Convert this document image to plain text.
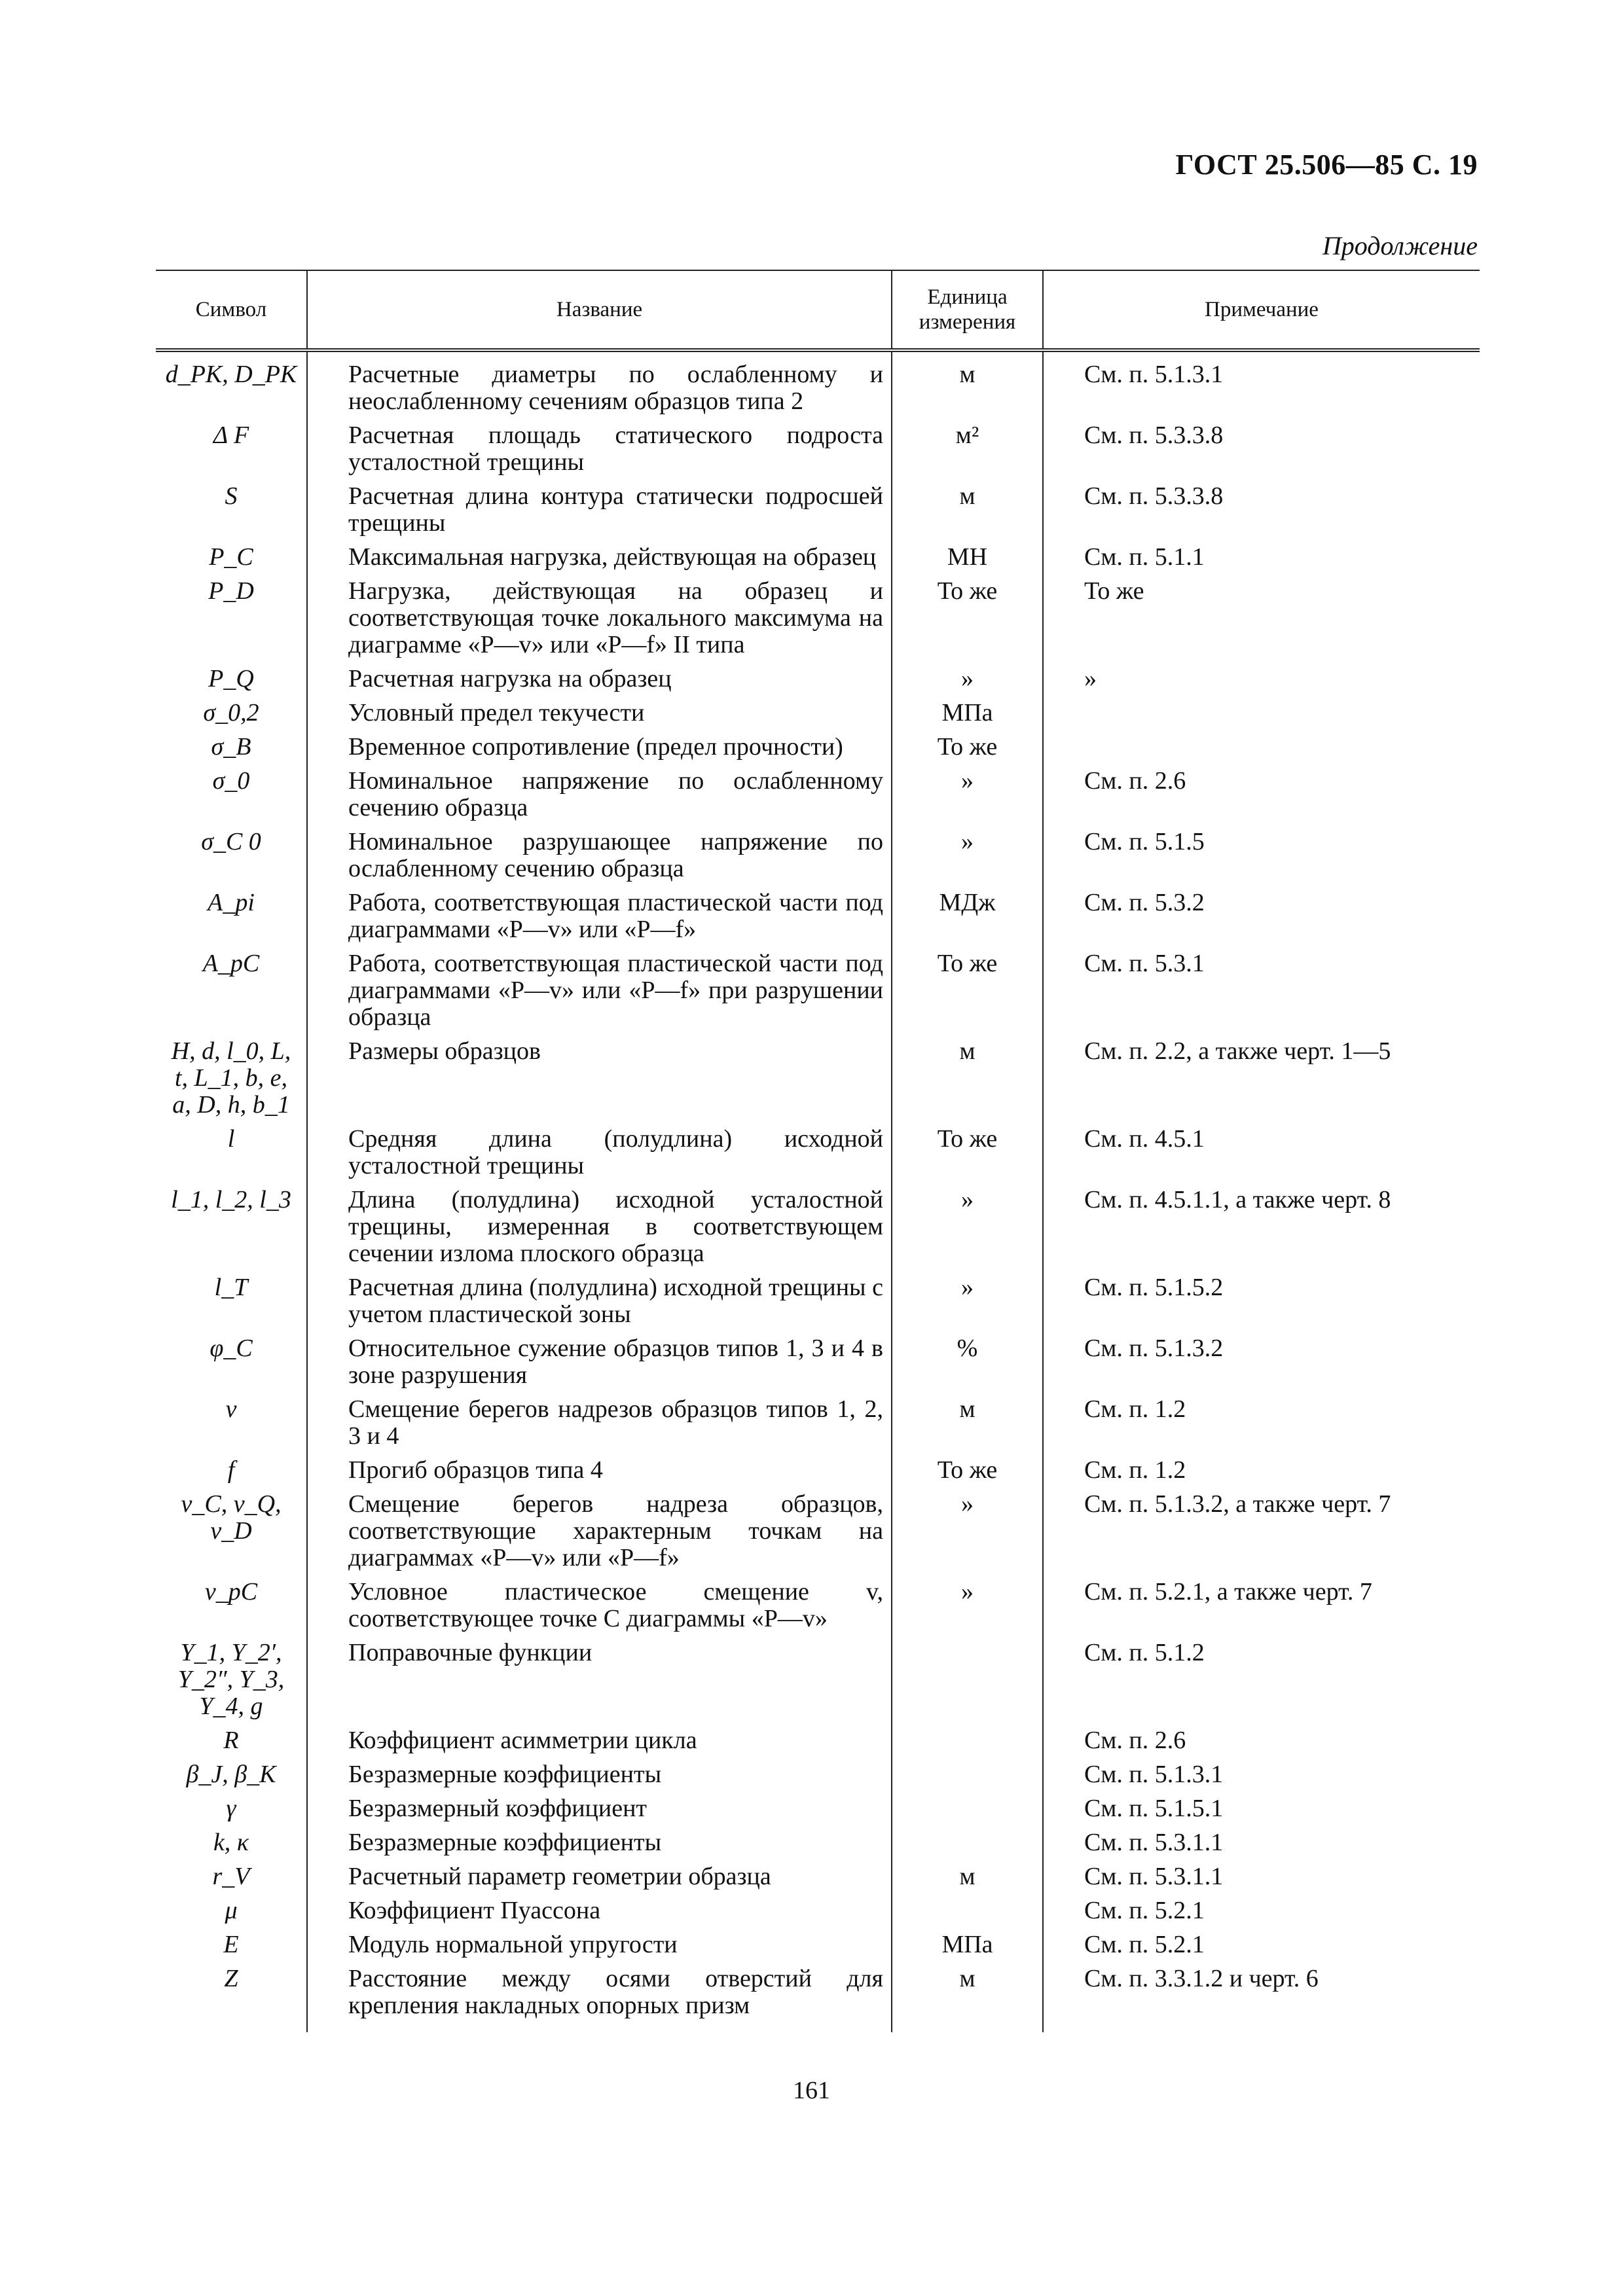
ГОСТ 25.506—85 С. 19
Продолжение
Символ	Название	Единица измерения	Примечание

d_PK, D_PK	Расчетные диаметры по ослабленному и неослабленному сечениям образцов типа 2	м	См. п. 5.1.3.1

Δ F	Расчетная площадь статического подроста усталостной трещины	м²	См. п. 5.3.3.8

S	Расчетная длина контура статически подросшей трещины	м	См. п. 5.3.3.8

P_C	Максимальная нагрузка, действующая на образец	МН	См. п. 5.1.1

P_D	Нагрузка, действующая на образец и соответствующая точке локального максимума на диаграмме «P—v» или «P—f» II типа	То же	То же

P_Q	Расчетная нагрузка на образец	»	»

σ_0,2	Условный предел текучести	МПа	

σ_B	Временное сопротивление (предел прочности)	То же	

σ_0	Номинальное напряжение по ослабленному сечению образца	»	См. п. 2.6

σ_C 0	Номинальное разрушающее напряжение по ослабленному сечению образца	»	См. п. 5.1.5

A_pi	Работа, соответствующая пластической части под диаграммами «P—v» или «P—f»	МДж	См. п. 5.3.2

A_pC	Работа, соответствующая пластической части под диаграммами «P—v» или «P—f» при разрушении образца	То же	См. п. 5.3.1

H, d, l_0, L, t, L_1, b, e, a, D, h, b_1	Размеры образцов	м	См. п. 2.2, а также черт. 1—5

l	Средняя длина (полудлина) исходной усталостной трещины	То же	См. п. 4.5.1

l_1, l_2, l_3	Длина (полудлина) исходной усталостной трещины, измеренная в соответствующем сечении излома плоского образца	»	См. п. 4.5.1.1, а также черт. 8

l_T	Расчетная длина (полудлина) исходной трещины с учетом пластической зоны	»	См. п. 5.1.5.2

φ_C	Относительное сужение образцов типов 1, 3 и 4 в зоне разрушения	%	См. п. 5.1.3.2

v	Смещение берегов надрезов образцов типов 1, 2, 3 и 4	м	См. п. 1.2

f	Прогиб образцов типа 4	То же	См. п. 1.2

v_C, v_Q, v_D	Смещение берегов надреза образцов, соответствующие характерным точкам на диаграммах «P—v» или «P—f»	»	См. п. 5.1.3.2, а также черт. 7

v_pC	Условное пластическое смещение v, соответствующее точке C диаграммы «P—v»	»	См. п. 5.2.1, а также черт. 7

Y_1, Y_2′, Y_2″, Y_3, Y_4, g	Поправочные функции		См. п. 5.1.2

R	Коэффициент асимметрии цикла		См. п. 2.6

β_J, β_K	Безразмерные коэффициенты		См. п. 5.1.3.1

γ	Безразмерный коэффициент		См. п. 5.1.5.1

k, κ	Безразмерные коэффициенты		См. п. 5.3.1.1

r_V	Расчетный параметр геометрии образца	м	См. п. 5.3.1.1

μ	Коэффициент Пуассона		См. п. 5.2.1

E	Модуль нормальной упругости	МПа	См. п. 5.2.1

Z	Расстояние между осями отверстий для крепления накладных опорных призм	м	См. п. 3.3.1.2 и черт. 6
161
